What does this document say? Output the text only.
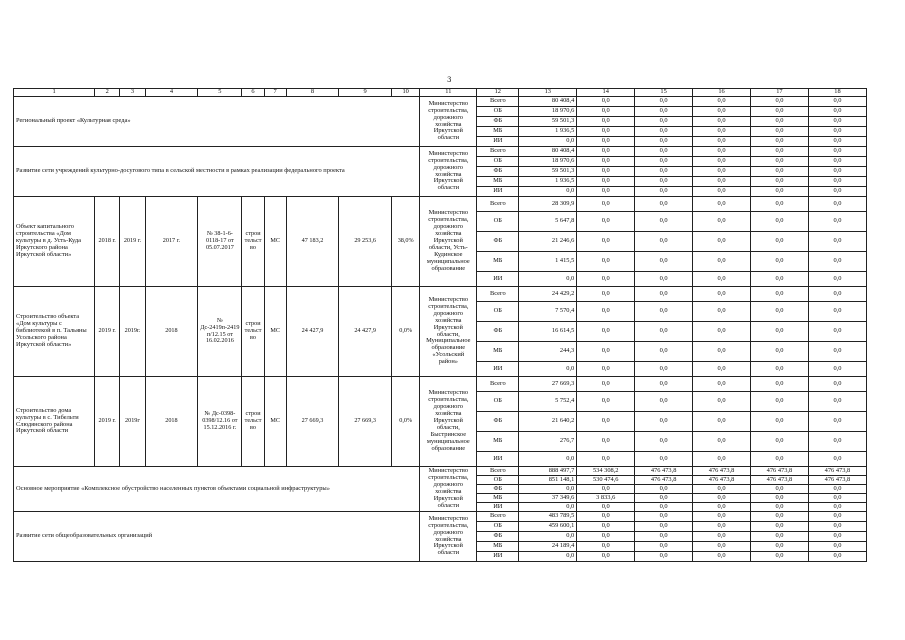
3
1	2	3	4	5	6	7	8	9	10	11	12	13	14	15	16	17	18
Региональный проект «Культурная среда»										Министерство строительства, дорожного хозяйства Иркутской области	Всего	80 408,4	0,0	0,0	0,0	0,0	0,0
											ОБ	18 970,6	0,0	0,0	0,0	0,0	0,0
											ФБ	59 501,3	0,0	0,0	0,0	0,0	0,0
											МБ	1 936,5	0,0	0,0	0,0	0,0	0,0
											ИИ	0,0	0,0	0,0	0,0	0,0	0,0
Развитие сети учреждений культурно-досугового типа в сельской местности в рамках реализации федерального проекта										Министерство строительства, дорожного хозяйства Иркутской области	Всего	80 408,4	0,0	0,0	0,0	0,0	0,0
											ОБ	18 970,6	0,0	0,0	0,0	0,0	0,0
											ФБ	59 501,3	0,0	0,0	0,0	0,0	0,0
											МБ	1 936,5	0,0	0,0	0,0	0,0	0,0
											ИИ	0,0	0,0	0,0	0,0	0,0	0,0
Объект капитального строительства «Дом культуры в д. Усть-Куда Иркутского района Иркутской области»	2018 г.	2019 г.	2017 г.	№ 38-1-6-0118-17 от 05.07.2017	строительство	МС	47 183,2	29 253,6	38,0%	Министерство строительства, дорожного хозяйства Иркутской области, Усть-Кудинское муниципальное образование	Всего	28 309,9	0,0	0,0	0,0	0,0	0,0
											ОБ	5 647,8	0,0	0,0	0,0	0,0	0,0
											ФБ	21 246,6	0,0	0,0	0,0	0,0	0,0
											МБ	1 415,5	0,0	0,0	0,0	0,0	0,0
											ИИ	0,0	0,0	0,0	0,0	0,0	0,0
Строительство объекта «Дом культуры с библиотекой в п. Тальяны Усольского района Иркутской области»	2019 г.	2019г.	2018	№ Дс-2419п-2419п/12.15 от 16.02.2016	строительство	МС	24 427,9	24 427,9	0,0%	Министерство строительства, дорожного хозяйства Иркутской области, Муниципальное образование «Усольский район»	Всего	24 429,2	0,0	0,0	0,0	0,0	0,0
											ОБ	7 570,4	0,0	0,0	0,0	0,0	0,0
											ФБ	16 614,5	0,0	0,0	0,0	0,0	0,0
											МБ	244,3	0,0	0,0	0,0	0,0	0,0
											ИИ	0,0	0,0	0,0	0,0	0,0	0,0
Строительство дома культуры в с. Тибельти Слюдянского района Иркутской области	2019 г.	2019г	2018	№ Дс-0398-0398/12.16 от 15.12.2016 г.	строительство	МС	27 669,3	27 669,3	0,0%	Министерство строительства, дорожного хозяйства Иркутской области, Быстринское муниципальное образование	Всего	27 669,3	0,0	0,0	0,0	0,0	0,0
											ОБ	5 752,4	0,0	0,0	0,0	0,0	0,0
											ФБ	21 640,2	0,0	0,0	0,0	0,0	0,0
											МБ	276,7	0,0	0,0	0,0	0,0	0,0
											ИИ	0,0	0,0	0,0	0,0	0,0	0,0
Основное мероприятие «Комплексное обустройство населенных пунктов объектами социальной инфраструктуры»										Министерство строительства, дорожного хозяйства Иркутской области	Всего	888 497,7	534 308,2	476 473,8	476 473,8	476 473,8	476 473,8
											ОБ	851 148,1	530 474,6	476 473,8	476 473,8	476 473,8	476 473,8
											ФБ	0,0	0,0	0,0	0,0	0,0	0,0
											МБ	37 349,6	3 833,6	0,0	0,0	0,0	0,0
											ИИ	0,0	0,0	0,0	0,0	0,0	0,0
Развитие сети общеобразовательных организаций										Министерство строительства, дорожного хозяйства Иркутской области	Всего	483 789,5	0,0	0,0	0,0	0,0	0,0
											ОБ	459 600,1	0,0	0,0	0,0	0,0	0,0
											ФБ	0,0	0,0	0,0	0,0	0,0	0,0
											МБ	24 189,4	0,0	0,0	0,0	0,0	0,0
											ИИ	0,0	0,0	0,0	0,0	0,0	0,0
